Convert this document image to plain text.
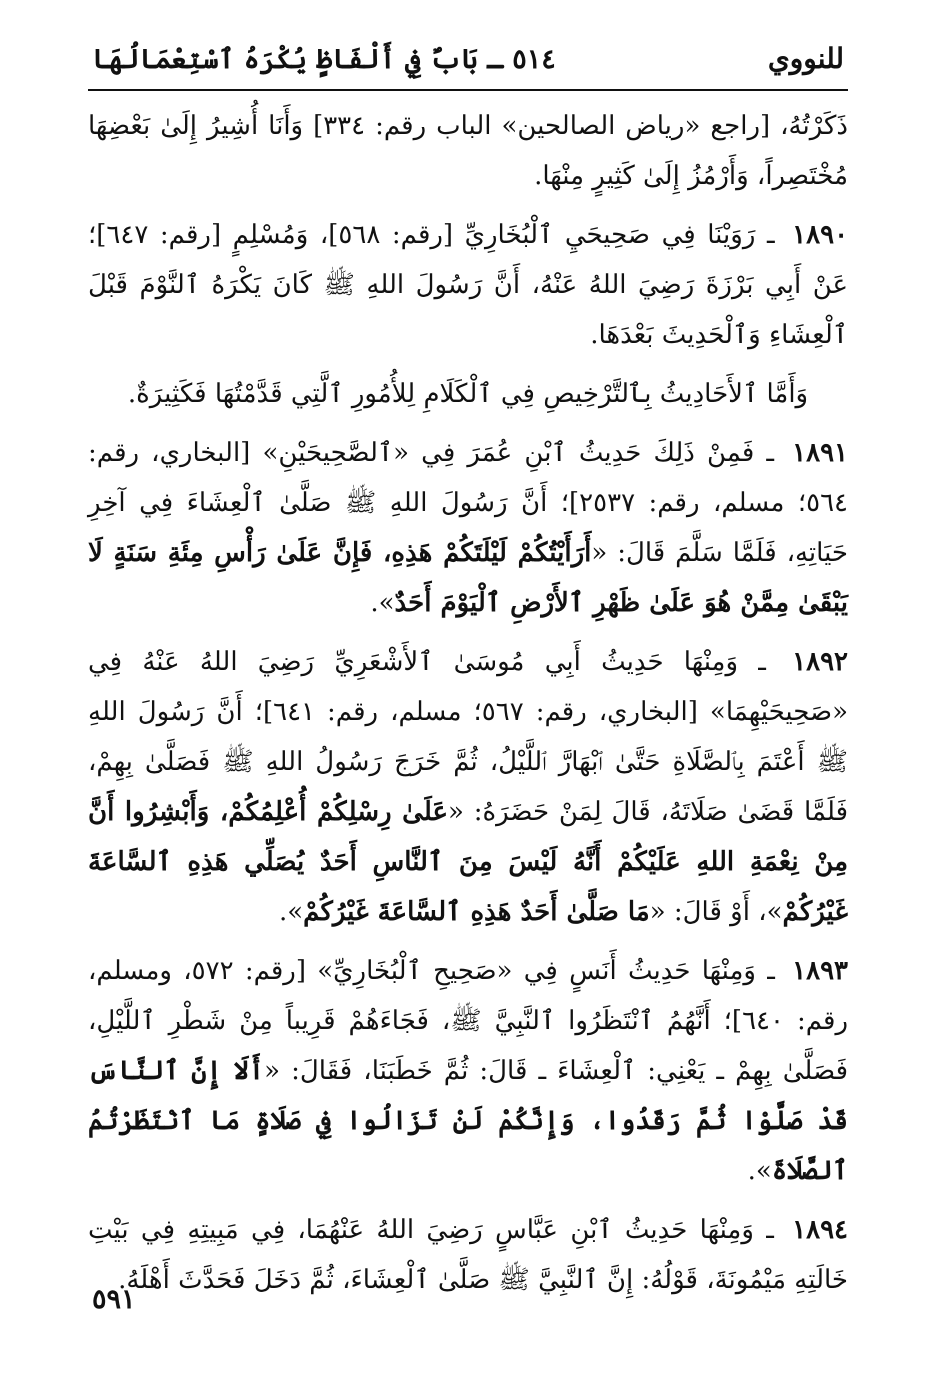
للنووي
٥١٤ ـ بَابٌ فِي أَلْفَاظٍ يُكْرَهُ ٱسْتِعْمَالُهَا

ذَكَرْتُهُ، [راجع «رياض الصالحين» الباب رقم: ٣٣٤] وَأَنَا أُشِيرُ إِلَىٰ بَعْضِهَا مُخْتَصِراً، وَأَرْمُزُ إِلَىٰ كَثِيرٍ مِنْهَا.

١٨٩٠ ـ رَوَيْنَا فِي صَحِيحَيِ ٱلْبُخَارِيِّ [رقم: ٥٦٨]، وَمُسْلِمٍ [رقم: ٦٤٧]؛ عَنْ أَبِي بَرْزَةَ رَضِيَ اللهُ عَنْهُ، أَنَّ رَسُولَ اللهِ ﷺ كَانَ يَكْرَهُ ٱلنَّوْمَ قَبْلَ ٱلْعِشَاءِ وَٱلْحَدِيثَ بَعْدَهَا.

وَأَمَّا ٱلأَحَادِيثُ بِٱلتَّرْخِيصِ فِي ٱلْكَلَامِ لِلأُمُورِ ٱلَّتِي قَدَّمْتُهَا فَكَثِيرَةٌ.

١٨٩١ ـ فَمِنْ ذَلِكَ حَدِيثُ ٱبْنِ عُمَرَ فِي «ٱلصَّحِيحَيْنِ» [البخاري، رقم: ٥٦٤؛ مسلم، رقم: ٢٥٣٧]؛ أَنَّ رَسُولَ اللهِ ﷺ صَلَّىٰ ٱلْعِشَاءَ فِي آخِرِ حَيَاتِهِ، فَلَمَّا سَلَّمَ قَالَ: «أَرَأَيْتُكُمْ لَيْلَتَكُمْ هَذِهِ، فَإِنَّ عَلَىٰ رَأْسِ مِئَةِ سَنَةٍ لَا يَبْقَىٰ مِمَّنْ هُوَ عَلَىٰ ظَهْرِ ٱلأَرْضِ ٱلْيَوْمَ أَحَدٌ».

١٨٩٢ ـ وَمِنْهَا حَدِيثُ أَبِي مُوسَىٰ ٱلأَشْعَرِيِّ رَضِيَ اللهُ عَنْهُ فِي «صَحِيحَيْهِمَا» [البخاري، رقم: ٥٦٧؛ مسلم، رقم: ٦٤١]؛ أَنَّ رَسُولَ اللهِ ﷺ أَعْتَمَ بِٱلصَّلَاةِ حَتَّىٰ ٱبْهَارَّ ٱللَّيْلُ، ثُمَّ خَرَجَ رَسُولُ اللهِ ﷺ فَصَلَّىٰ بِهِمْ، فَلَمَّا قَضَىٰ صَلَاتَهُ، قَالَ لِمَنْ حَضَرَهُ: «عَلَىٰ رِسْلِكُمْ أُعْلِمُكُمْ، وَأَبْشِرُوا أَنَّ مِنْ نِعْمَةِ اللهِ عَلَيْكُمْ أَنَّهُ لَيْسَ مِنَ ٱلنَّاسِ أَحَدٌ يُصَلِّي هَذِهِ ٱلسَّاعَةَ غَيْرُكُمْ»، أَوْ قَالَ: «مَا صَلَّىٰ أَحَدٌ هَذِهِ ٱلسَّاعَةَ غَيْرُكُمْ».

١٨٩٣ ـ وَمِنْهَا حَدِيثُ أَنَسٍ فِي «صَحِيحِ ٱلْبُخَارِيِّ» [رقم: ٥٧٢، ومسلم، رقم: ٦٤٠]؛ أَنَّهُمُ ٱنْتَظَرُوا ٱلنَّبِيَّ ﷺ، فَجَاءَهُمْ قَرِيباً مِنْ شَطْرِ ٱللَّيْلِ، فَصَلَّىٰ بِهِمْ ـ يَعْنِي: ٱلْعِشَاءَ ـ قَالَ: ثُمَّ خَطَبَنَا، فَقَالَ: «أَلَا إِنَّ ٱلنَّاسَ قَدْ صَلَّوْا ثُمَّ رَقَدُوا، وَإِنَّكُمْ لَنْ تَزَالُوا فِي صَلَاةٍ مَا ٱنْتَظَرْتُمُ ٱلصَّلَاةَ».

١٨٩٤ ـ وَمِنْهَا حَدِيثُ ٱبْنِ عَبَّاسٍ رَضِيَ اللهُ عَنْهُمَا، فِي مَبِيتِهِ فِي بَيْتِ خَالَتِهِ مَيْمُونَةَ، قَوْلُهُ: إِنَّ ٱلنَّبِيَّ ﷺ صَلَّىٰ ٱلْعِشَاءَ، ثُمَّ دَخَلَ فَحَدَّثَ أَهْلَهُ.

٥٩١
